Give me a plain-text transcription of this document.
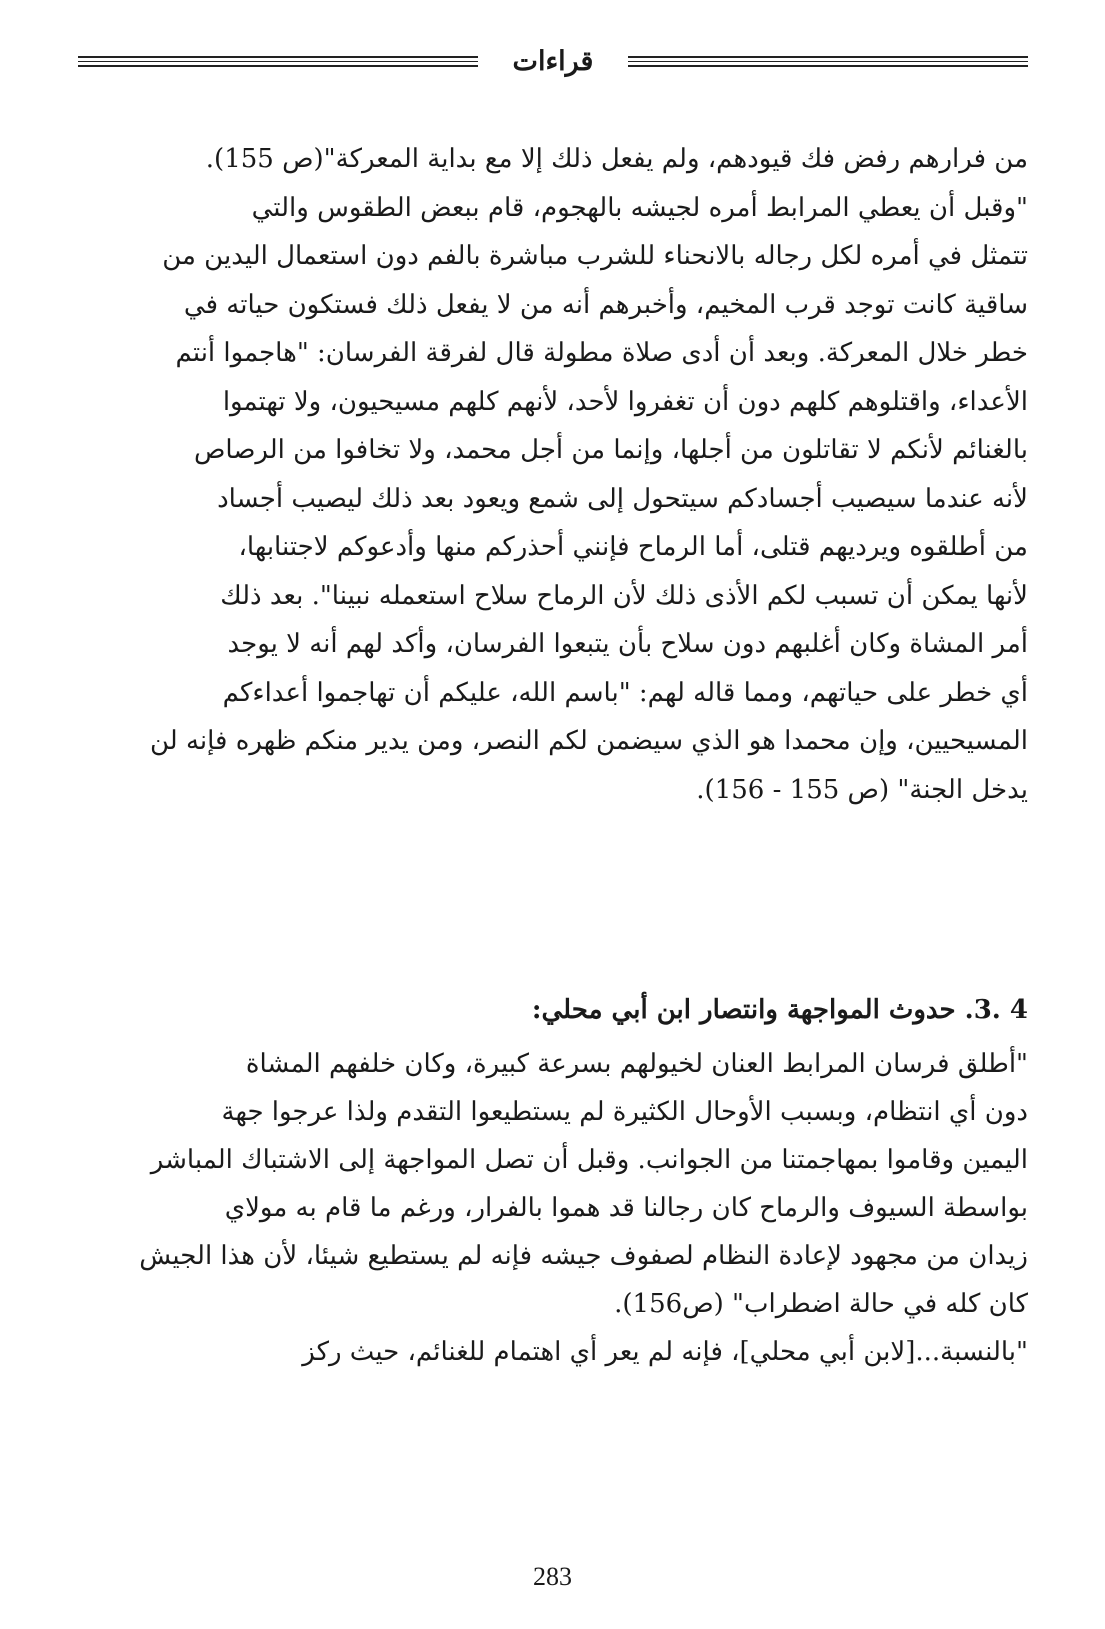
قراءات
من فرارهم رفض فك قيودهم، ولم يفعل ذلك إلا مع بداية المعركة"(ص 155).
"وقبل أن يعطي المرابط أمره لجيشه بالهجوم، قام ببعض الطقوس والتي
تتمثل في أمره لكل رجاله بالانحناء للشرب مباشرة بالفم دون استعمال اليدين من
ساقية كانت توجد قرب المخيم، وأخبرهم أنه من لا يفعل ذلك فستكون حياته في
خطر خلال المعركة. وبعد أن أدى صلاة مطولة قال لفرقة الفرسان: "هاجموا أنتم
الأعداء، واقتلوهم كلهم دون أن تغفروا لأحد، لأنهم كلهم مسيحيون، ولا تهتموا
بالغنائم لأنكم لا تقاتلون من أجلها، وإنما من أجل محمد، ولا تخافوا من الرصاص
لأنه عندما سيصيب أجسادكم سيتحول إلى شمع ويعود بعد ذلك ليصيب أجساد
من أطلقوه ويرديهم قتلى، أما الرماح فإنني أحذركم منها وأدعوكم لاجتنابها،
لأنها يمكن أن تسبب لكم الأذى ذلك لأن الرماح سلاح استعمله نبينا". بعد ذلك
أمر المشاة وكان أغلبهم دون سلاح بأن يتبعوا الفرسان، وأكد لهم أنه لا يوجد
أي خطر على حياتهم، ومما قاله لهم: "باسم الله، عليكم أن تهاجموا أعداءكم
المسيحيين، وإن محمدا هو الذي سيضمن لكم النصر، ومن يدير منكم ظهره فإنه لن
يدخل الجنة" (ص 155 - 156).
4 .3. حدوث المواجهة وانتصار ابن أبي محلي:
"أطلق فرسان المرابط العنان لخيولهم بسرعة كبيرة، وكان خلفهم المشاة
دون أي انتظام، وبسبب الأوحال الكثيرة لم يستطيعوا التقدم ولذا عرجوا جهة
اليمين وقاموا بمهاجمتنا من الجوانب. وقبل أن تصل المواجهة إلى الاشتباك المباشر
بواسطة السيوف والرماح كان رجالنا قد هموا بالفرار، ورغم ما قام به مولاي
زيدان من مجهود لإعادة النظام لصفوف جيشه فإنه لم يستطيع شيئا، لأن هذا الجيش
كان كله في حالة اضطراب" (ص156).
"بالنسبة...[لابن أبي محلي]، فإنه لم يعر أي اهتمام للغنائم، حيث ركز
283
